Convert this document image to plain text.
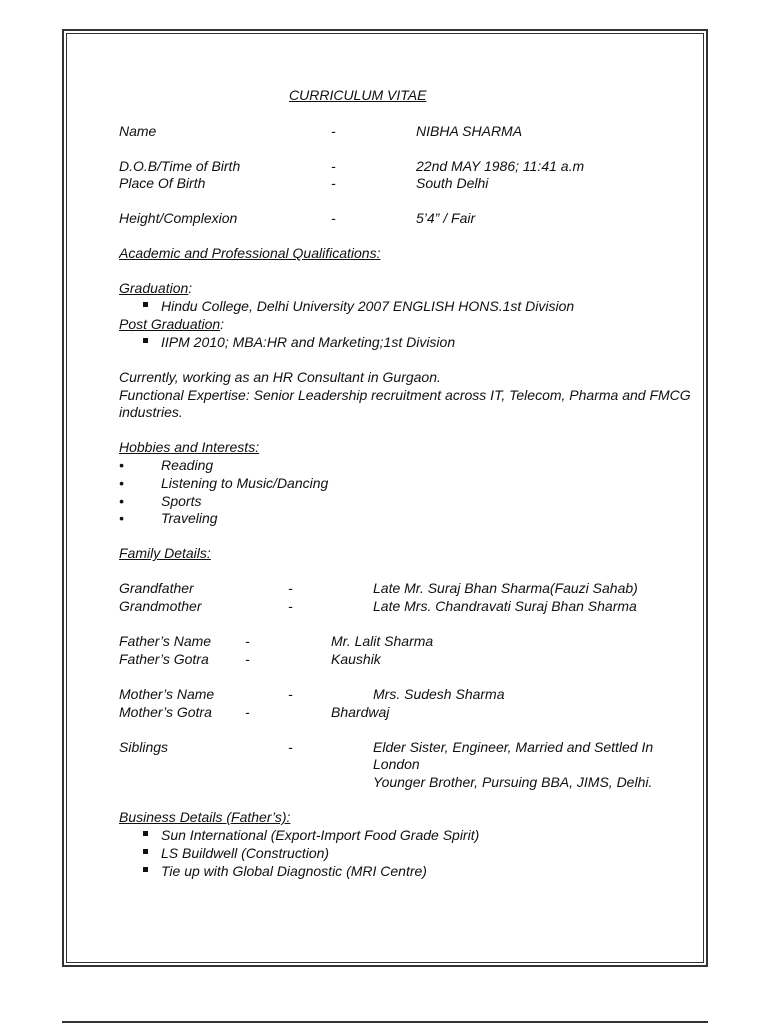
CURRICULUM VITAE
Name	-	NIBHA SHARMA
D.O.B/Time of Birth	-	22nd MAY 1986; 11:41 a.m
Place Of Birth	-	South Delhi
Height/Complexion	-	5’4” / Fair
Academic and Professional Qualifications:
Graduation:
Hindu College, Delhi University 2007 ENGLISH HONS.1st Division
Post Graduation:
IIPM 2010; MBA:HR and Marketing;1st Division
Currently, working as an HR Consultant in Gurgaon.
Functional Expertise: Senior Leadership recruitment across IT, Telecom, Pharma and FMCG
industries.
Hobbies and Interests:
•	Reading
•	Listening to Music/Dancing
•	Sports
•	Traveling
Family Details:
Grandfather	-	Late Mr. Suraj Bhan Sharma(Fauzi Sahab)
Grandmother	-	Late Mrs. Chandravati Suraj Bhan Sharma
Father’s Name -	Mr. Lalit Sharma
Father’s Gotra	-	Kaushik
Mother’s Name	-	Mrs. Sudesh Sharma
Mother’s Gotra -	Bhardwaj
Siblings	-	Elder Sister, Engineer, Married and Settled In
London
Younger Brother, Pursuing BBA, JIMS, Delhi.
Business Details (Father’s):
Sun International (Export-Import Food Grade Spirit)
LS Buildwell (Construction)
Tie up with Global Diagnostic (MRI Centre)
